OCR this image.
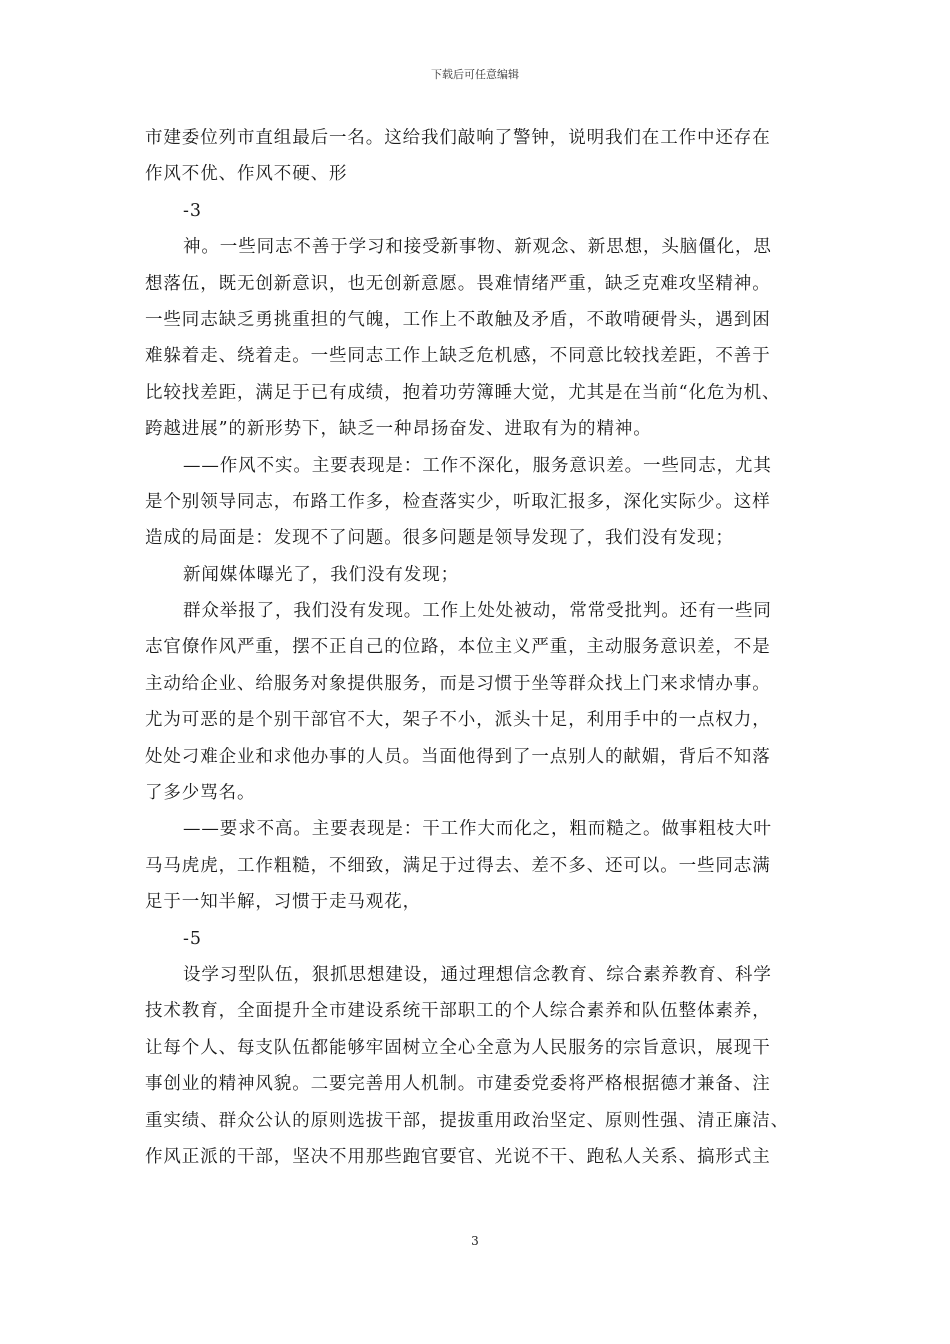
下载后可任意编辑

市建委位列市直组最后一名。这给我们敲响了警钟，说明我们在工作中还存在
作风不优、作风不硬、形

-3

神。一些同志不善于学习和接受新事物、新观念、新思想，头脑僵化，思

想落伍，既无创新意识，也无创新意愿。畏难情绪严重，缺乏克难攻坚精神。
一些同志缺乏勇挑重担的气魄，工作上不敢触及矛盾，不敢啃硬骨头，遇到困
难躲着走、绕着走。一些同志工作上缺乏危机感，不同意比较找差距，不善于
比较找差距，满足于已有成绩，抱着功劳簿睡大觉，尤其是在当前“化危为机、
跨越进展”的新形势下，缺乏一种昂扬奋发、进取有为的精神。

——作风不实。主要表现是：工作不深化，服务意识差。一些同志，尤其

是个别领导同志，布路工作多，检查落实少，听取汇报多，深化实际少。这样
造成的局面是：发现不了问题。很多问题是领导发现了，我们没有发现；

新闻媒体曝光了，我们没有发现；

群众举报了，我们没有发现。工作上处处被动，常常受批判。还有一些同

志官僚作风严重，摆不正自己的位路，本位主义严重，主动服务意识差，不是
主动给企业、给服务对象提供服务，而是习惯于坐等群众找上门来求情办事。
尤为可恶的是个别干部官不大，架子不小，派头十足，利用手中的一点权力，
处处刁难企业和求他办事的人员。当面他得到了一点别人的献媚，背后不知落
了多少骂名。

——要求不高。主要表现是：干工作大而化之，粗而糙之。做事粗枝大叶

马马虎虎，工作粗糙，不细致，满足于过得去、差不多、还可以。一些同志满
足于一知半解，习惯于走马观花，

-5

设学习型队伍，狠抓思想建设，通过理想信念教育、综合素养教育、科学

技术教育，全面提升全市建设系统干部职工的个人综合素养和队伍整体素养，
让每个人、每支队伍都能够牢固树立全心全意为人民服务的宗旨意识，展现干
事创业的精神风貌。二要完善用人机制。市建委党委将严格根据德才兼备、注
重实绩、群众公认的原则选拔干部，提拔重用政治坚定、原则性强、清正廉洁、
作风正派的干部，坚决不用那些跑官要官、光说不干、跑私人关系、搞形式主

3
